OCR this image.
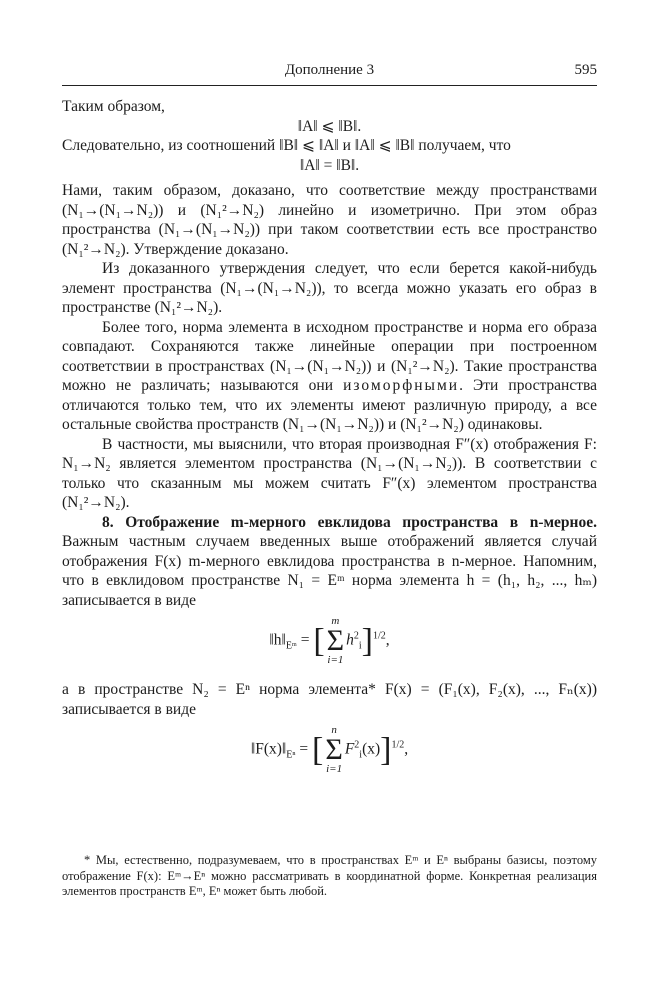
Дополнение 3	595

Таким образом,

‖A‖ ⩽ ‖B‖.

Следовательно, из соотношений ‖B‖ ⩽ ‖A‖ и ‖A‖ ⩽ ‖B‖ получаем, что

‖A‖ = ‖B‖.

Нами, таким образом, доказано, что соответствие между пространствами (N₁→(N₁→N₂)) и (N₁²→N₂) линейно и изометрично. При этом образ пространства (N₁→(N₁→N₂)) при таком соответствии есть все пространство (N₁²→N₂). Утверждение доказано.

Из доказанного утверждения следует, что если берется какой-нибудь элемент пространства (N₁→(N₁→N₂)), то всегда можно указать его образ в пространстве (N₁²→N₂).

Более того, норма элемента в исходном пространстве и норма его образа совпадают. Сохраняются также линейные операции при построенном соответствии в пространствах (N₁→(N₁→N₂)) и (N₁²→N₂). Такие пространства можно не различать; называются они изоморфными. Эти пространства отличаются только тем, что их элементы имеют различную природу, а все остальные свойства пространств (N₁→(N₁→N₂)) и (N₁²→N₂) одинаковы.

В частности, мы выяснили, что вторая производная F″(x) отображения F: N₁→N₂ является элементом пространства (N₁→(N₁→N₂)). В соответствии с только что сказанным мы можем считать F″(x) элементом пространства (N₁²→N₂).

8. Отображение m-мерного евклидова пространства в n-мерное. Важным частным случаем введенных выше отображений является случай отображения F(x) m-мерного евклидова пространства в n-мерное. Напомним, что в евклидовом пространстве N₁ = Eᵐ норма элемента h = (h₁, h₂, ..., hₘ) записывается в виде

$‖h‖_{Eᵐ}$ = [
m
Σ
i=1
$h^2_i]^{1/2}$,

а в пространстве N₂ = Eⁿ норма элемента* F(x) = (F₁(x), F₂(x), ..., Fₙ(x)) записывается в виде

$‖F(x)‖_{E^n}$ = [
n
Σ
i=1
$F^2_i(x)]^{1/2}$,

* Мы, естественно, подразумеваем, что в пространствах Eᵐ и Eⁿ выбраны базисы, поэтому отображение F(x): Eᵐ→Eⁿ можно рассматривать в координатной форме. Конкретная реализация элементов пространств Eᵐ, Eⁿ может быть любой.
